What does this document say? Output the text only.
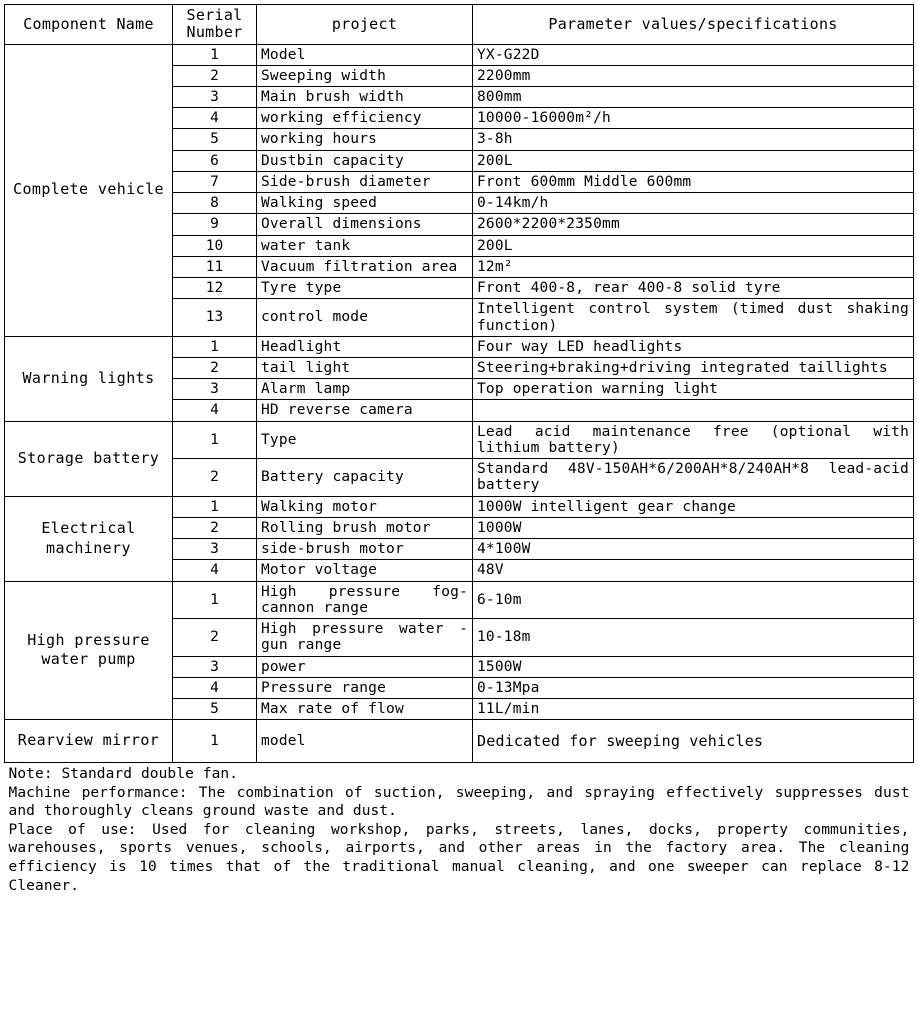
Component Name	Serial Number	project	Parameter values/specifications
Complete vehicle	1	Model	YX-G22D
	2	Sweeping width	2200mm
	3	Main brush width	800mm
	4	working efficiency	10000-16000m²/h
	5	working hours	3-8h
	6	Dustbin capacity	200L
	7	Side-brush diameter	Front 600mm Middle 600mm
	8	Walking speed	0-14km/h
	9	Overall dimensions	2600*2200*2350mm
	10	water tank	200L
	11	Vacuum filtration area	12m²
	12	Tyre type	Front 400-8, rear 400-8 solid tyre
	13	control mode	Intelligent control system (timed dust shaking function)
Warning lights	1	Headlight	Four way LED headlights
	2	tail light	Steering+braking+driving integrated taillights
	3	Alarm lamp	Top operation warning light
	4	HD reverse camera	
Storage battery	1	Type	Lead acid maintenance free (optional with lithium battery)
	2	Battery capacity	Standard 48V-150AH*6/200AH*8/240AH*8 lead-acid battery
Electrical machinery	1	Walking motor	1000W intelligent gear change
	2	Rolling brush motor	1000W
	3	side-brush motor	4*100W
	4	Motor voltage	48V
High pressure water pump	1	High pressure fog-cannon range	6-10m
	2	High pressure water -gun range	10-18m
	3	power	1500W
	4	Pressure range	0-13Mpa
	5	Max rate of flow	11L/min
Rearview mirror	1	model	Dedicated for sweeping vehicles

Note: Standard double fan.

Machine performance: The combination of suction, sweeping, and spraying effectively suppresses dust and thoroughly cleans ground waste and dust.

Place of use: Used for cleaning workshop, parks, streets, lanes, docks, property communities, warehouses, sports venues, schools, airports, and other areas in the factory area. The cleaning efficiency is 10 times that of the traditional manual cleaning, and one sweeper can replace 8-12 Cleaner.			
